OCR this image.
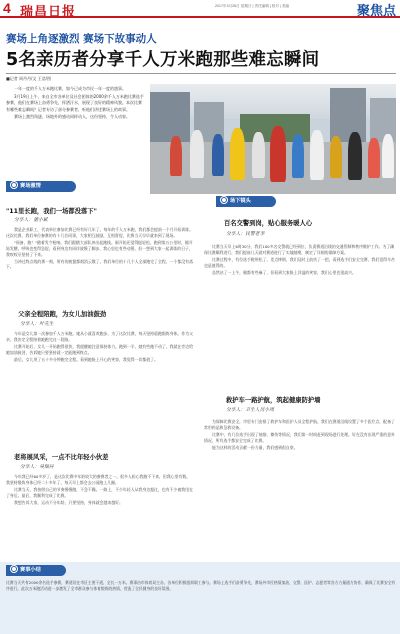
4 瑞昌日报	2017年3月26日 星期日 | 责任编辑 | 校对 | 美编	聚焦点
赛场上角逐激烈 赛场下故事动人
5名亲历者分享千人万米跑那些难忘瞬间
■记者 周丹丹/文 王浩/图

一年一度的千人万米跑比赛，如今已成为市民一年一度的盛事。

3月19日上午，来自全市各单位及社会团体的2000余千人万米跑比赛选手参赛，他们在赛场上奋勇争先，挥洒汗水，展现了良好的精神风貌。本次比赛有哪些难忘瞬间？记者专访了部分参赛者，听他们讲述赛场上的故事。

赛场上激烈角逐，场地外的感动同样动人，这份坚持，令人动容。

赛场激情
"11里长跑，我们一场都没落下"
分享人：董小斌

我是企业职工，代表单位参加比赛已经有好几年了。每年的千人万米跑，我们都会提前一个月开始训练。这次比赛，我们单位参赛的有十几位同事，大家相互鼓励，互相督促，比赛当天早早就来到了现场。

"预备，跑！"随着发令枪响，我们跟随大部队冲出起跑线。刚开始还觉得挺轻松，跑到第五公里时，腿开始发酸，呼吸也变得急促。看到身边有同伴放慢了脚步，我心里也有些动摇。但一想到大家一起训练的日子，我咬咬牙坚持了下来。

当冲过终点线的那一刻，所有的疲惫都烟消云散了。我们单位的十几个人全部跑完了全程，一个都没有落下。

父亲全程陪跑，为女儿加油鼓劲
分享人：叶先生

今年是女儿第一次参加千人万米跑。她从小就喜欢跑步，为了这次比赛，每天坚持晨跑锻炼身体。作为父亲，我决定全程陪着她跑完这一段路。

比赛开始后，女儿一开始跑得很快，我提醒她注意保持体力。跑到一半，她有些跑不动了，我就在旁边给她加油鼓劲，告诉她只要坚持就一定能跑到终点。

最后，女儿用了五十多分钟跑完全程。看到她脸上开心的笑容，我觉得一切都值了。

老将展风采，一点不比年轻小伙差
分享人：吴瑞丹

今年我已经60多岁了，是这次比赛中年龄较大的参赛者之一。很多人担心我跑不下来，但我心里有数。我坚持锻炼身体已经二十多年了，每天早上都会去公园跑上几圈。

比赛当天，我按照自己的节奏慢慢跑，不急不躁。一路上，不少年轻人从我身边超过，也有不少被我甩在了身后。最后，我顺利完成了比赛。

我想告诉大家，运动不分年龄，只要坚持，身体就会越来越好。

场下镜头
百名交警到岗，贴心服务暖人心
分享人：民警老李

比赛当天早上6时30分，我们100多名交警就已经到位，负责赛道沿线的交通管制和秩序维护工作。为了确保比赛顺利进行，我们提前几天就对赛道进行了实地踏勘，制定了详细的保障方案。

比赛过程中，有位选手鞋带松了，差点摔倒，我们及时上前扶了一把。看到选手们安全完赛，我们觉得辛苦也是值得的。

虽然站了一上午，腿都有些麻了，但看到大家脸上洋溢的笑容，我们心里也很高兴。

救护车一路护航，筑起健康防护墙
分享人：卫生人员小周

为保障比赛安全，市里专门安排了救护车和医护人员全程护航。我们在赛道沿线设置了多个医疗点，配备了常用药品和急救设备。

比赛中，有几位选手出现了抽筋、擦伤等情况，我们第一时间赶到现场进行处理。好在没有出现严重的意外情况，所有选手都安全完成了比赛。

能为这样的活动贡献一份力量，我们感到很自豪。

赛事小结
比赛当天共有2000余名选手参赛，赛道设在市区主要干道，全长一万米。赛事由市体育局主办，各单位积极组织职工参与。赛场上选手们奋勇争先，赛场外市民热情加油，交警、医护、志愿者等各方力量通力协作，确保了比赛安全有序进行。此次万米跑活动进一步激发了全市群众参与体育锻炼的热情，营造了全民健身的良好氛围。
